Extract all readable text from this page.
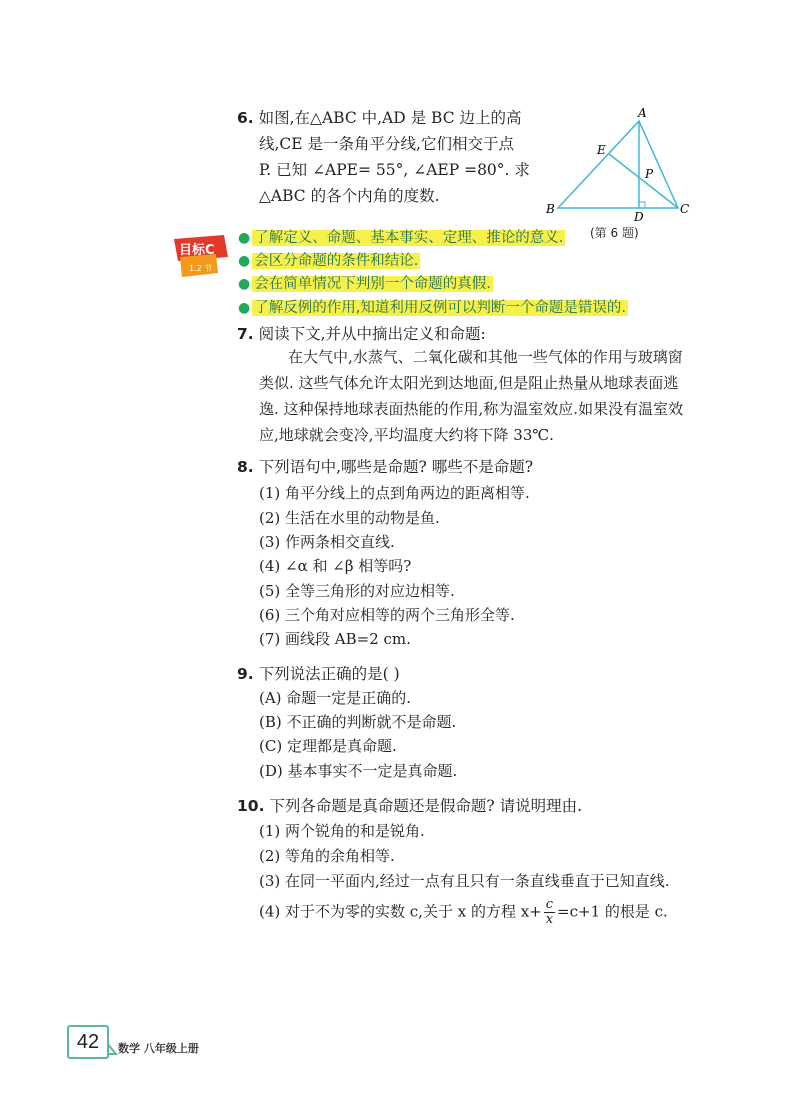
6. 如图,在△ABC 中,AD 是 BC 边上的高
线,CE 是一条角平分线,它们相交于点
P. 已知 ∠APE= 55°, ∠AEP =80°. 求
△ABC 的各个内角的度数.
A
B	C
D
E
P
(第 6 题)
目标C
1.2 节
● 了解定义、命题、基本事实、定理、推论的意义.
● 会区分命题的条件和结论.
● 会在简单情况下判别一个命题的真假.
● 了解反例的作用,知道利用反例可以判断一个命题是错误的.
7. 阅读下文,并从中摘出定义和命题:
在大气中,水蒸气、二氧化碳和其他一些气体的作用与玻璃窗
类似. 这些气体允许太阳光到达地面,但是阻止热量从地球表面逃
逸. 这种保持地球表面热能的作用,称为温室效应.如果没有温室效
应,地球就会变冷,平均温度大约将下降 33℃.
8. 下列语句中,哪些是命题? 哪些不是命题?
(1) 角平分线上的点到角两边的距离相等.
(2) 生活在水里的动物是鱼.
(3) 作两条相交直线.
(4) ∠α 和 ∠β 相等吗?
(5) 全等三角形的对应边相等.
(6) 三个角对应相等的两个三角形全等.
(7) 画线段 AB=2 cm.
9. 下列说法正确的是( )
(A) 命题一定是正确的.
(B) 不正确的判断就不是命题.
(C) 定理都是真命题.
(D) 基本事实不一定是真命题.
10. 下列各命题是真命题还是假命题? 请说明理由.
(1) 两个锐角的和是锐角.
(2) 等角的余角相等.
(3) 在同一平面内,经过一点有且只有一条直线垂直于已知直线.
(4) 对于不为零的实数 c,关于 x 的方程 $x+ \frac{c}{x} =c+1$ 的根是 c.
42	数学 八年级上册
